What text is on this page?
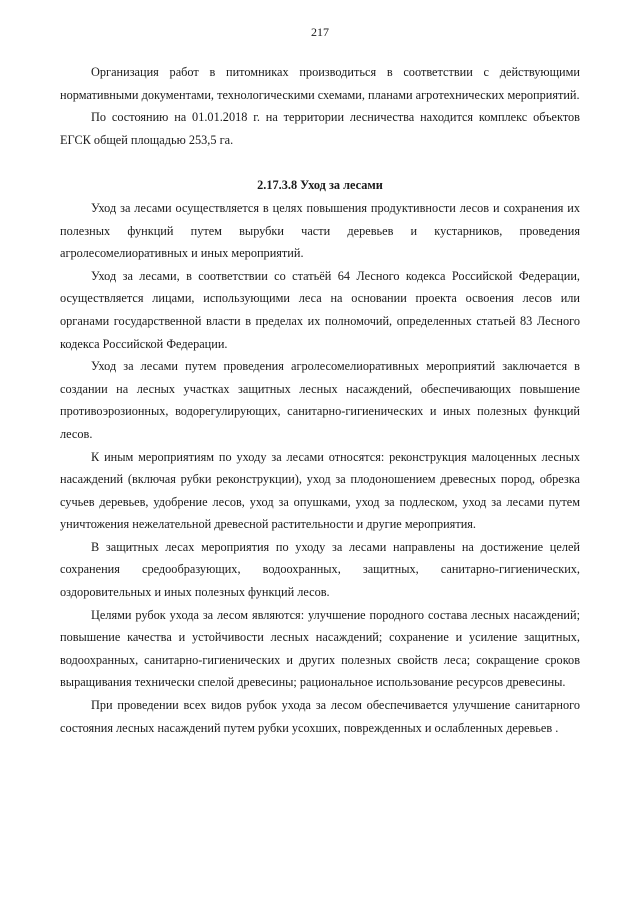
217

Организация работ в питомниках производиться в соответствии с действующими нормативными документами, технологическими схемами, планами агротехнических мероприятий.

По состоянию на 01.01.2018 г. на территории лесничества находится комплекс объектов ЕГСК общей площадью 253,5 га.

2.17.3.8 Уход за лесами

Уход за лесами осуществляется в целях повышения продуктивности лесов и сохранения их полезных функций путем вырубки части деревьев и кустарников, проведения агролесомелиоративных и иных мероприятий.

Уход за лесами, в соответствии со статьёй 64 Лесного кодекса Российской Федерации, осуществляется лицами, использующими леса на основании проекта освоения лесов или органами государственной власти в пределах их полномочий, определенных статьей 83 Лесного кодекса Российской Федерации.

Уход за лесами путем проведения агролесомелиоративных мероприятий заключается в создании на лесных участках защитных лесных насаждений, обеспечивающих повышение противоэрозионных, водорегулирующих, санитарно-гигиенических и иных полезных функций лесов.

К иным мероприятиям по уходу за лесами относятся: реконструкция малоценных лесных насаждений (включая рубки реконструкции), уход за плодоношением древесных пород, обрезка сучьев деревьев, удобрение лесов, уход за опушками, уход за подлеском, уход за лесами путем уничтожения нежелательной древесной растительности и другие мероприятия.

В защитных лесах мероприятия по уходу за лесами направлены на достижение целей сохранения средообразующих, водоохранных, защитных, санитарно-гигиенических, оздоровительных и иных полезных функций лесов.

Целями рубок ухода за лесом являются: улучшение породного состава лесных насаждений; повышение качества и устойчивости лесных насаждений; сохранение и усиление защитных, водоохранных, санитарно-гигиенических и других полезных свойств леса; сокращение сроков выращивания технически спелой древесины; рациональное использование ресурсов древесины.

При проведении всех видов рубок ухода за лесом обеспечивается улучшение санитарного состояния лесных насаждений путем рубки усохших, поврежденных и ослабленных деревьев .
